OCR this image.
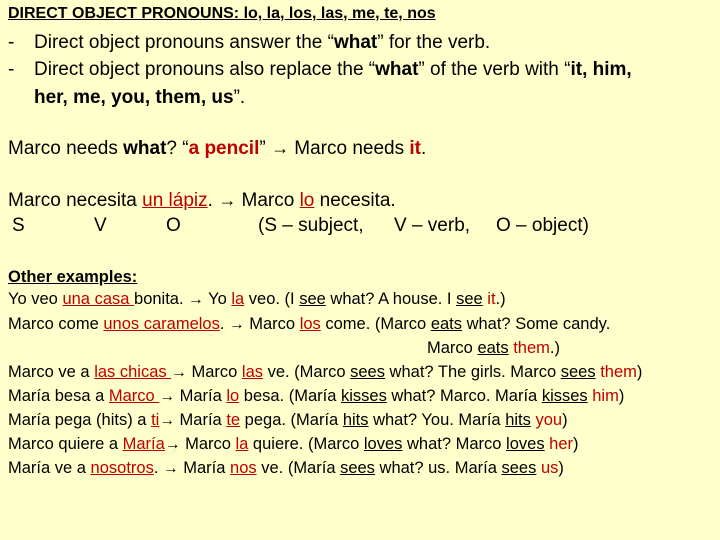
DIRECT OBJECT PRONOUNS: lo, la, los, las, me, te, nos
- Direct object pronouns answer the “what” for the verb.
- Direct object pronouns also replace the “what” of the verb with “it, him,
her, me, you, them, us”.
Marco needs what? “a pencil” → Marco needs it.
Marco necesita un lápiz. → Marco lo necesita.
S	V	O	(S – subject, V – verb, O – object)
Other examples:
Yo veo una casa bonita. → Yo la veo. (I see what? A house. I see it.)
Marco come unos caramelos. → Marco los come. (Marco eats what? Some candy.
Marco eats them.)
Marco ve a las chicas → Marco las ve. (Marco sees what? The girls. Marco sees them)
María besa a Marco → María lo besa. (María kisses what? Marco. María kisses him)
María pega (hits) a ti→ María te pega. (María hits what? You. María hits you)
Marco quiere a María→ Marco la quiere. (Marco loves what? Marco loves her)
María ve a nosotros. → María nos ve. (María sees what? us. María sees us)
